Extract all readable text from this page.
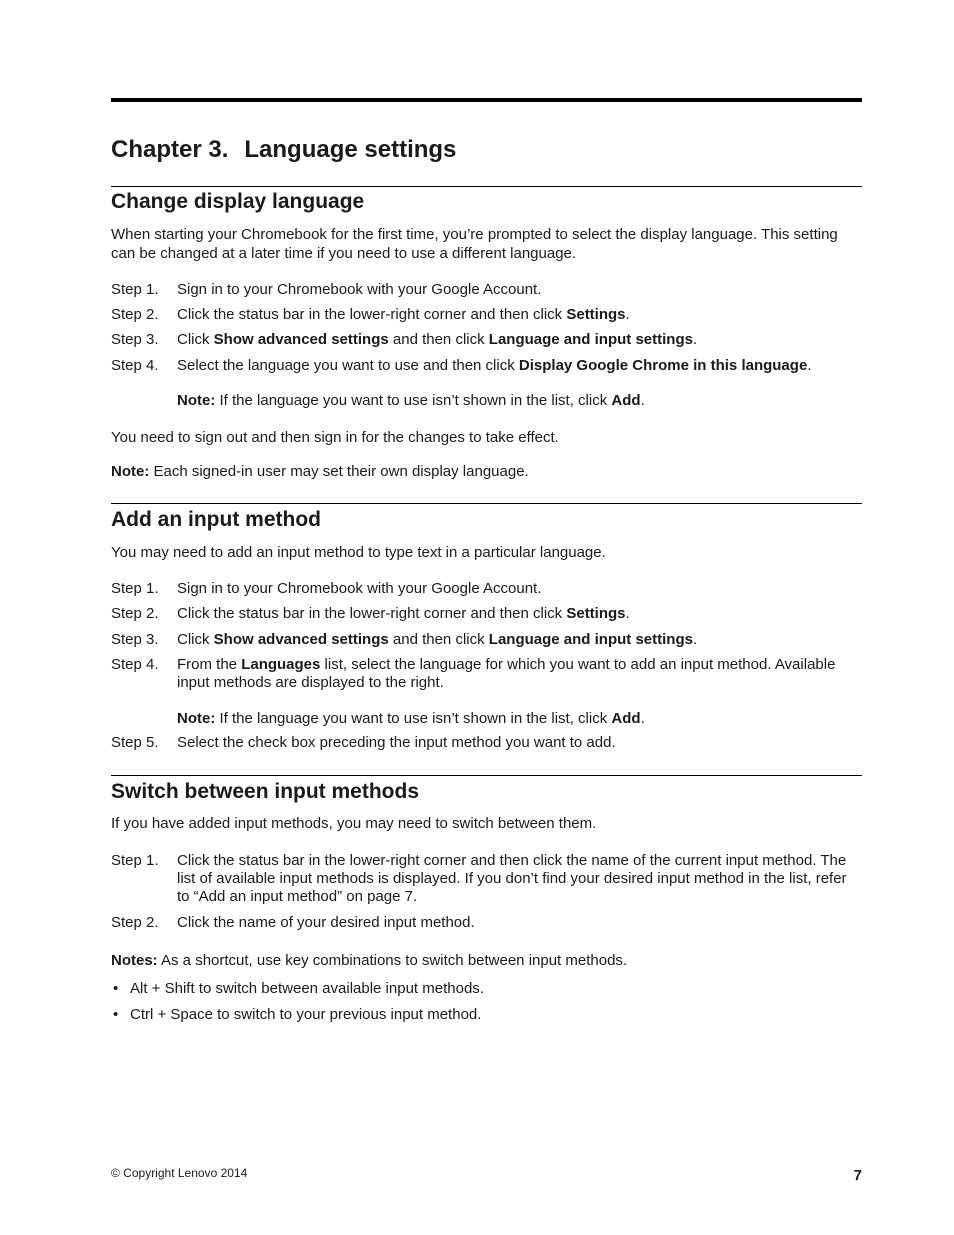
Chapter 3. Language settings
Change display language

When starting your Chromebook for the first time, you’re prompted to select the display language. This setting can be changed at a later time if you need to use a different language.

Step 1. Sign in to your Chromebook with your Google Account.
Step 2. Click the status bar in the lower-right corner and then click Settings.
Step 3. Click Show advanced settings and then click Language and input settings.
Step 4. Select the language you want to use and then click Display Google Chrome in this language.
Note: If the language you want to use isn’t shown in the list, click Add.

You need to sign out and then sign in for the changes to take effect.

Note: Each signed-in user may set their own display language.

Add an input method

You may need to add an input method to type text in a particular language.

Step 1. Sign in to your Chromebook with your Google Account.
Step 2. Click the status bar in the lower-right corner and then click Settings.
Step 3. Click Show advanced settings and then click Language and input settings.
Step 4. From the Languages list, select the language for which you want to add an input method. Available input methods are displayed to the right.
Note: If the language you want to use isn’t shown in the list, click Add.
Step 5. Select the check box preceding the input method you want to add.
Switch between input methods

If you have added input methods, you may need to switch between them.

Step 1. Click the status bar in the lower-right corner and then click the name of the current input method. The list of available input methods is displayed. If you don’t find your desired input method in the list, refer to “Add an input method” on page 7.
Step 2. Click the name of your desired input method.

Notes: As a shortcut, use key combinations to switch between input methods.

• Alt + Shift to switch between available input methods.
• Ctrl + Space to switch to your previous input method.
© Copyright Lenovo 2014	7
